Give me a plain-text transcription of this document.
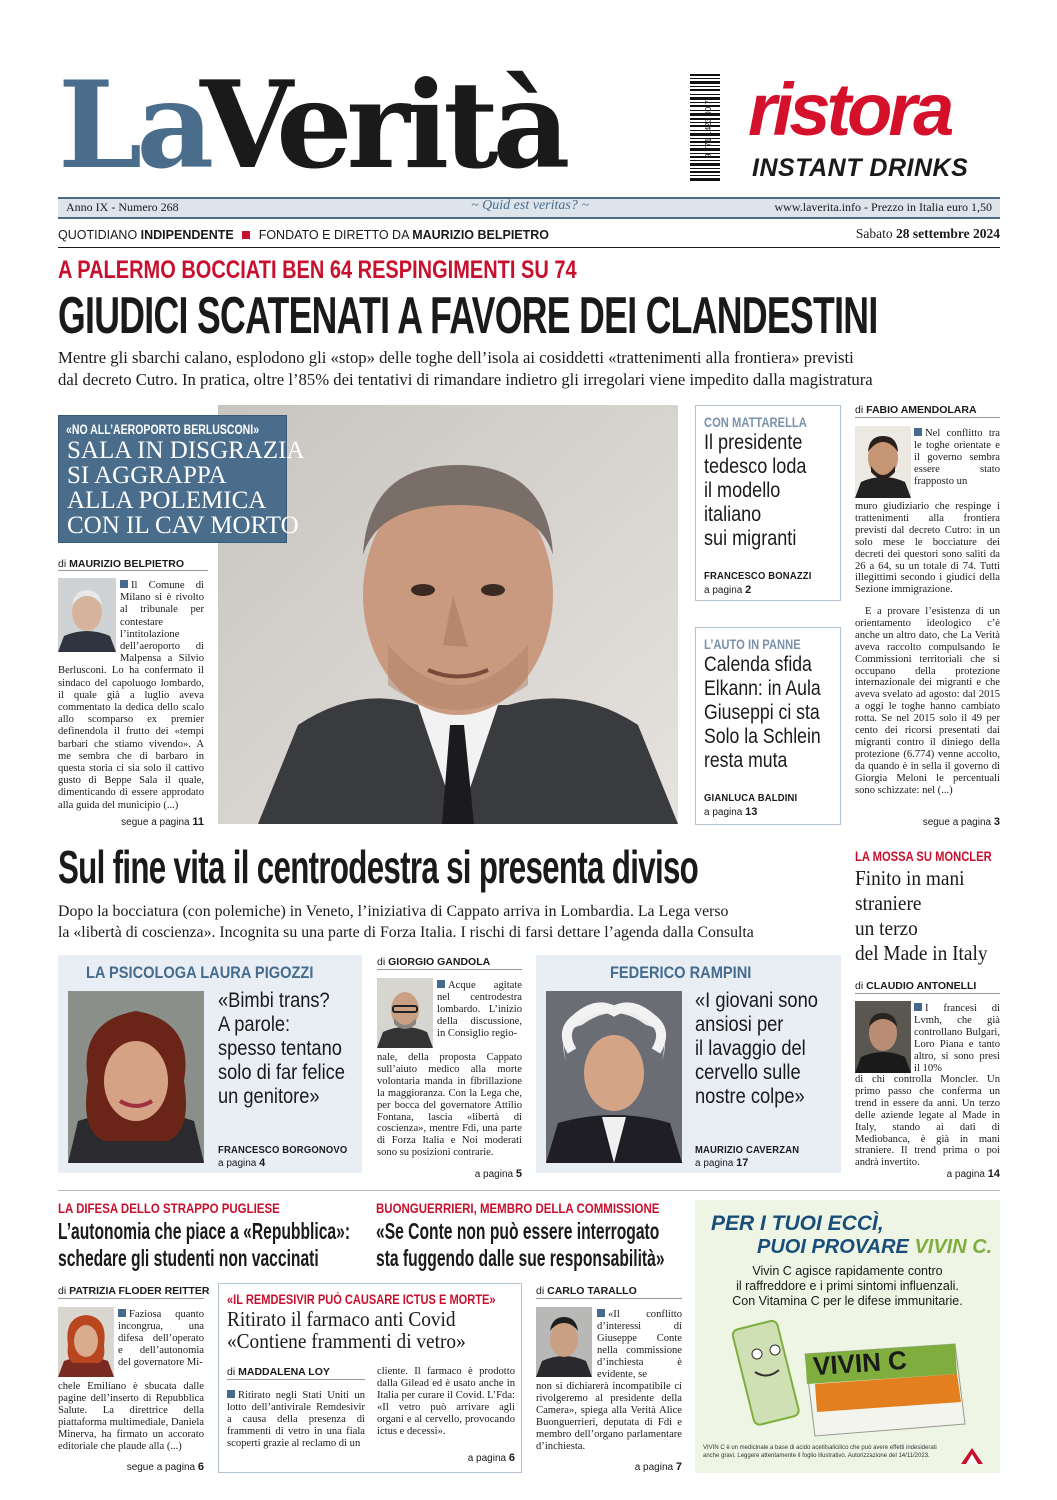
La
Verità	9 771 1423 00 7 ristora
INSTANT DRINKS
Anno IX - Numero 268	~ Quid est veritas? ~	www.laverita.info - Prezzo in Italia euro 1,50
QUOTIDIANO INDIPENDENTE FONDATO E DIRETTO DA MAURIZIO BELPIETRO	Sabato 28 settembre 2024
A PALERMO BOCCIATI BEN 64 RESPINGIMENTI SU 74
GIUDICI SCATENATI A FAVORE DEI CLANDESTINI
Mentre gli sbarchi calano, esplodono gli «stop» delle toghe dell’isola ai cosiddetti «trattenimenti alla frontiera» previsti
dal decreto Cutro. In pratica, oltre l’85% dei tentativi di rimandare indietro gli irregolari viene impedito dalla magistratura
«NO ALL’AEROPORTO BERLUSCONI»
SALA IN DISGRAZIA
SI AGGRAPPA
ALLA POLEMICA
CON IL CAV MORTO
di MAURIZIO BELPIETRO
Il Comune di Milano si è rivolto al tribunale per contestare l’intitolazione dell’aeroporto di Malpensa a Silvio Berlusconi. Lo ha confermato il sindaco del capoluogo lombardo, il quale già a luglio aveva commentato la dedica dello scalo allo scomparso ex premier definendola il frutto dei «tempi barbari che stiamo vivendo». A me sembra che di barbaro in questa storia ci sia solo il cattivo gusto di Beppe Sala il quale, dimenticando di essere approdato alla guida del municipio (...)
segue a pagina 11
CON MATTARELLA
Il presidente
tedesco loda
il modello
italiano
sui migranti
FRANCESCO BONAZZI
a pagina 2
L’AUTO IN PANNE
Calenda sfida
Elkann: in Aula
Giuseppi ci sta
Solo la Schlein
resta muta
GIANLUCA BALDINI
a pagina 13
di FABIO AMENDOLARA
Nel conflitto tra le toghe orientate e il governo sembra essere stato frapposto un
muro giudiziario che respinge i trattenimenti alla frontiera previsti dal decreto Cutro: in un solo mese le bocciature dei decreti dei questori sono saliti da 26 a 64, su un totale di 74. Tutti illegittimi secondo i giudici della Sezione immigrazione.
E a provare l’esistenza di un orientamento ideologico c’è anche un altro dato, che La Verità aveva raccolto compulsando le Commissioni territoriali che si occupano della protezione internazionale dei migranti e che aveva svelato ad agosto: dal 2015 a oggi le toghe hanno cambiato rotta. Se nel 2015 solo il 49 per cento dei ricorsi presentati dai migranti contro il diniego della protezione (6.774) venne accolto, da quando è in sella il governo di Giorgia Meloni le percentuali sono schizzate: nel (...)
segue a pagina 3
Sul fine vita il centrodestra si presenta diviso
Dopo la bocciatura (con polemiche) in Veneto, l’iniziativa di Cappato arriva in Lombardia. La Lega verso
la «libertà di coscienza». Incognita su una parte di Forza Italia. I rischi di farsi dettare l’agenda dalla Consulta
LA MOSSA SU MONCLER
Finito in mani
straniere
un terzo
del Made in Italy
di CLAUDIO ANTONELLI
I francesi di Lvmh, che già controllano Bulgari, Loro Piana e tanto altro, si sono presi il 10%
di chi controlla Moncler. Un primo passo che conferma un trend in essere da anni. Un terzo delle aziende legate al Made in Italy, stando ai dati di Mediobanca, è già in mani straniere. Il trend prima o poi andrà invertito.
a pagina 14
LA PSICOLOGA LAURA PIGOZZI
«Bimbi trans?
A parole:
spesso tentano
solo di far felice
un genitore»
FRANCESCO BORGONOVO
a pagina 4
di GIORGIO GANDOLA
Acque agitate nel centrodestra lombardo. L’inizio della discussione, in Consiglio regio-
nale, della proposta Cappato sull’aiuto medico alla morte volontaria manda in fibrillazione la maggioranza. Con la Lega che, per bocca del governatore Attilio Fontana, lascia «libertà di coscienza», mentre Fdi, una parte di Forza Italia e Noi moderati sono su posizioni contrarie.
a pagina 5
FEDERICO RAMPINI
«I giovani sono
ansiosi per
il lavaggio del
cervello sulle
nostre colpe»
MAURIZIO CAVERZAN
a pagina 17
LA DIFESA DELLO STRAPPO PUGLIESE
L’autonomia che piace a «Repubblica»:
schedare gli studenti non vaccinati
di PATRIZIA FLODER REITTER
Faziosa quanto incongrua, una difesa dell’operato e dell’autonomia del governatore Mi-
chele Emiliano è sbucata dalle pagine dell’inserto di Repubblica Salute. La direttrice della piattaforma multimediale, Daniela Minerva, ha firmato un accorato editoriale che plaude alla (...)
segue a pagina 6
BUONGUERRIERI, MEMBRO DELLA COMMISSIONE
«Se Conte non può essere interrogato
sta fuggendo dalle sue responsabilità»
«IL REMDESIVIR PUÒ CAUSARE ICTUS E MORTE»
Ritirato il farmaco anti Covid
«Contiene frammenti di vetro»
di MADDALENA LOY
Ritirato negli Stati Uniti un lotto dell’antivirale Remdesivir a causa della presenza di frammenti di vetro in una fiala scoperti grazie al reclamo di un
cliente. Il farmaco è prodotto dalla Gilead ed è usato anche in Italia per curare il Covid. L’Fda: «Il vetro può arrivare agli organi e al cervello, provocando ictus e decessi».
a pagina 6
di CARLO TARALLO
«Il conflitto d’interessi di Giuseppe Conte nella commissione d’inchiesta è evidente, se
non si dichiarerà incompatibile ci rivolgeremo al presidente della Camera», spiega alla Verità Alice Buonguerrieri, deputata di Fdi e membro dell’organo parlamentare d’inchiesta.
a pagina 7
PER I TUOI ECCÌ,
PUOI PROVARE VIVIN C.
Vivin C agisce rapidamente contro
il raffreddore e i primi sintomi influenzali.
Con Vitamina C per le difese immunitarie.
VIVIN C
VIVIN C è un medicinale a base di acido acetilsalicilico che può avere effetti indesiderati anche gravi. Leggere attentamente il foglio illustrativo. Autorizzazione del 14/11/2023.
